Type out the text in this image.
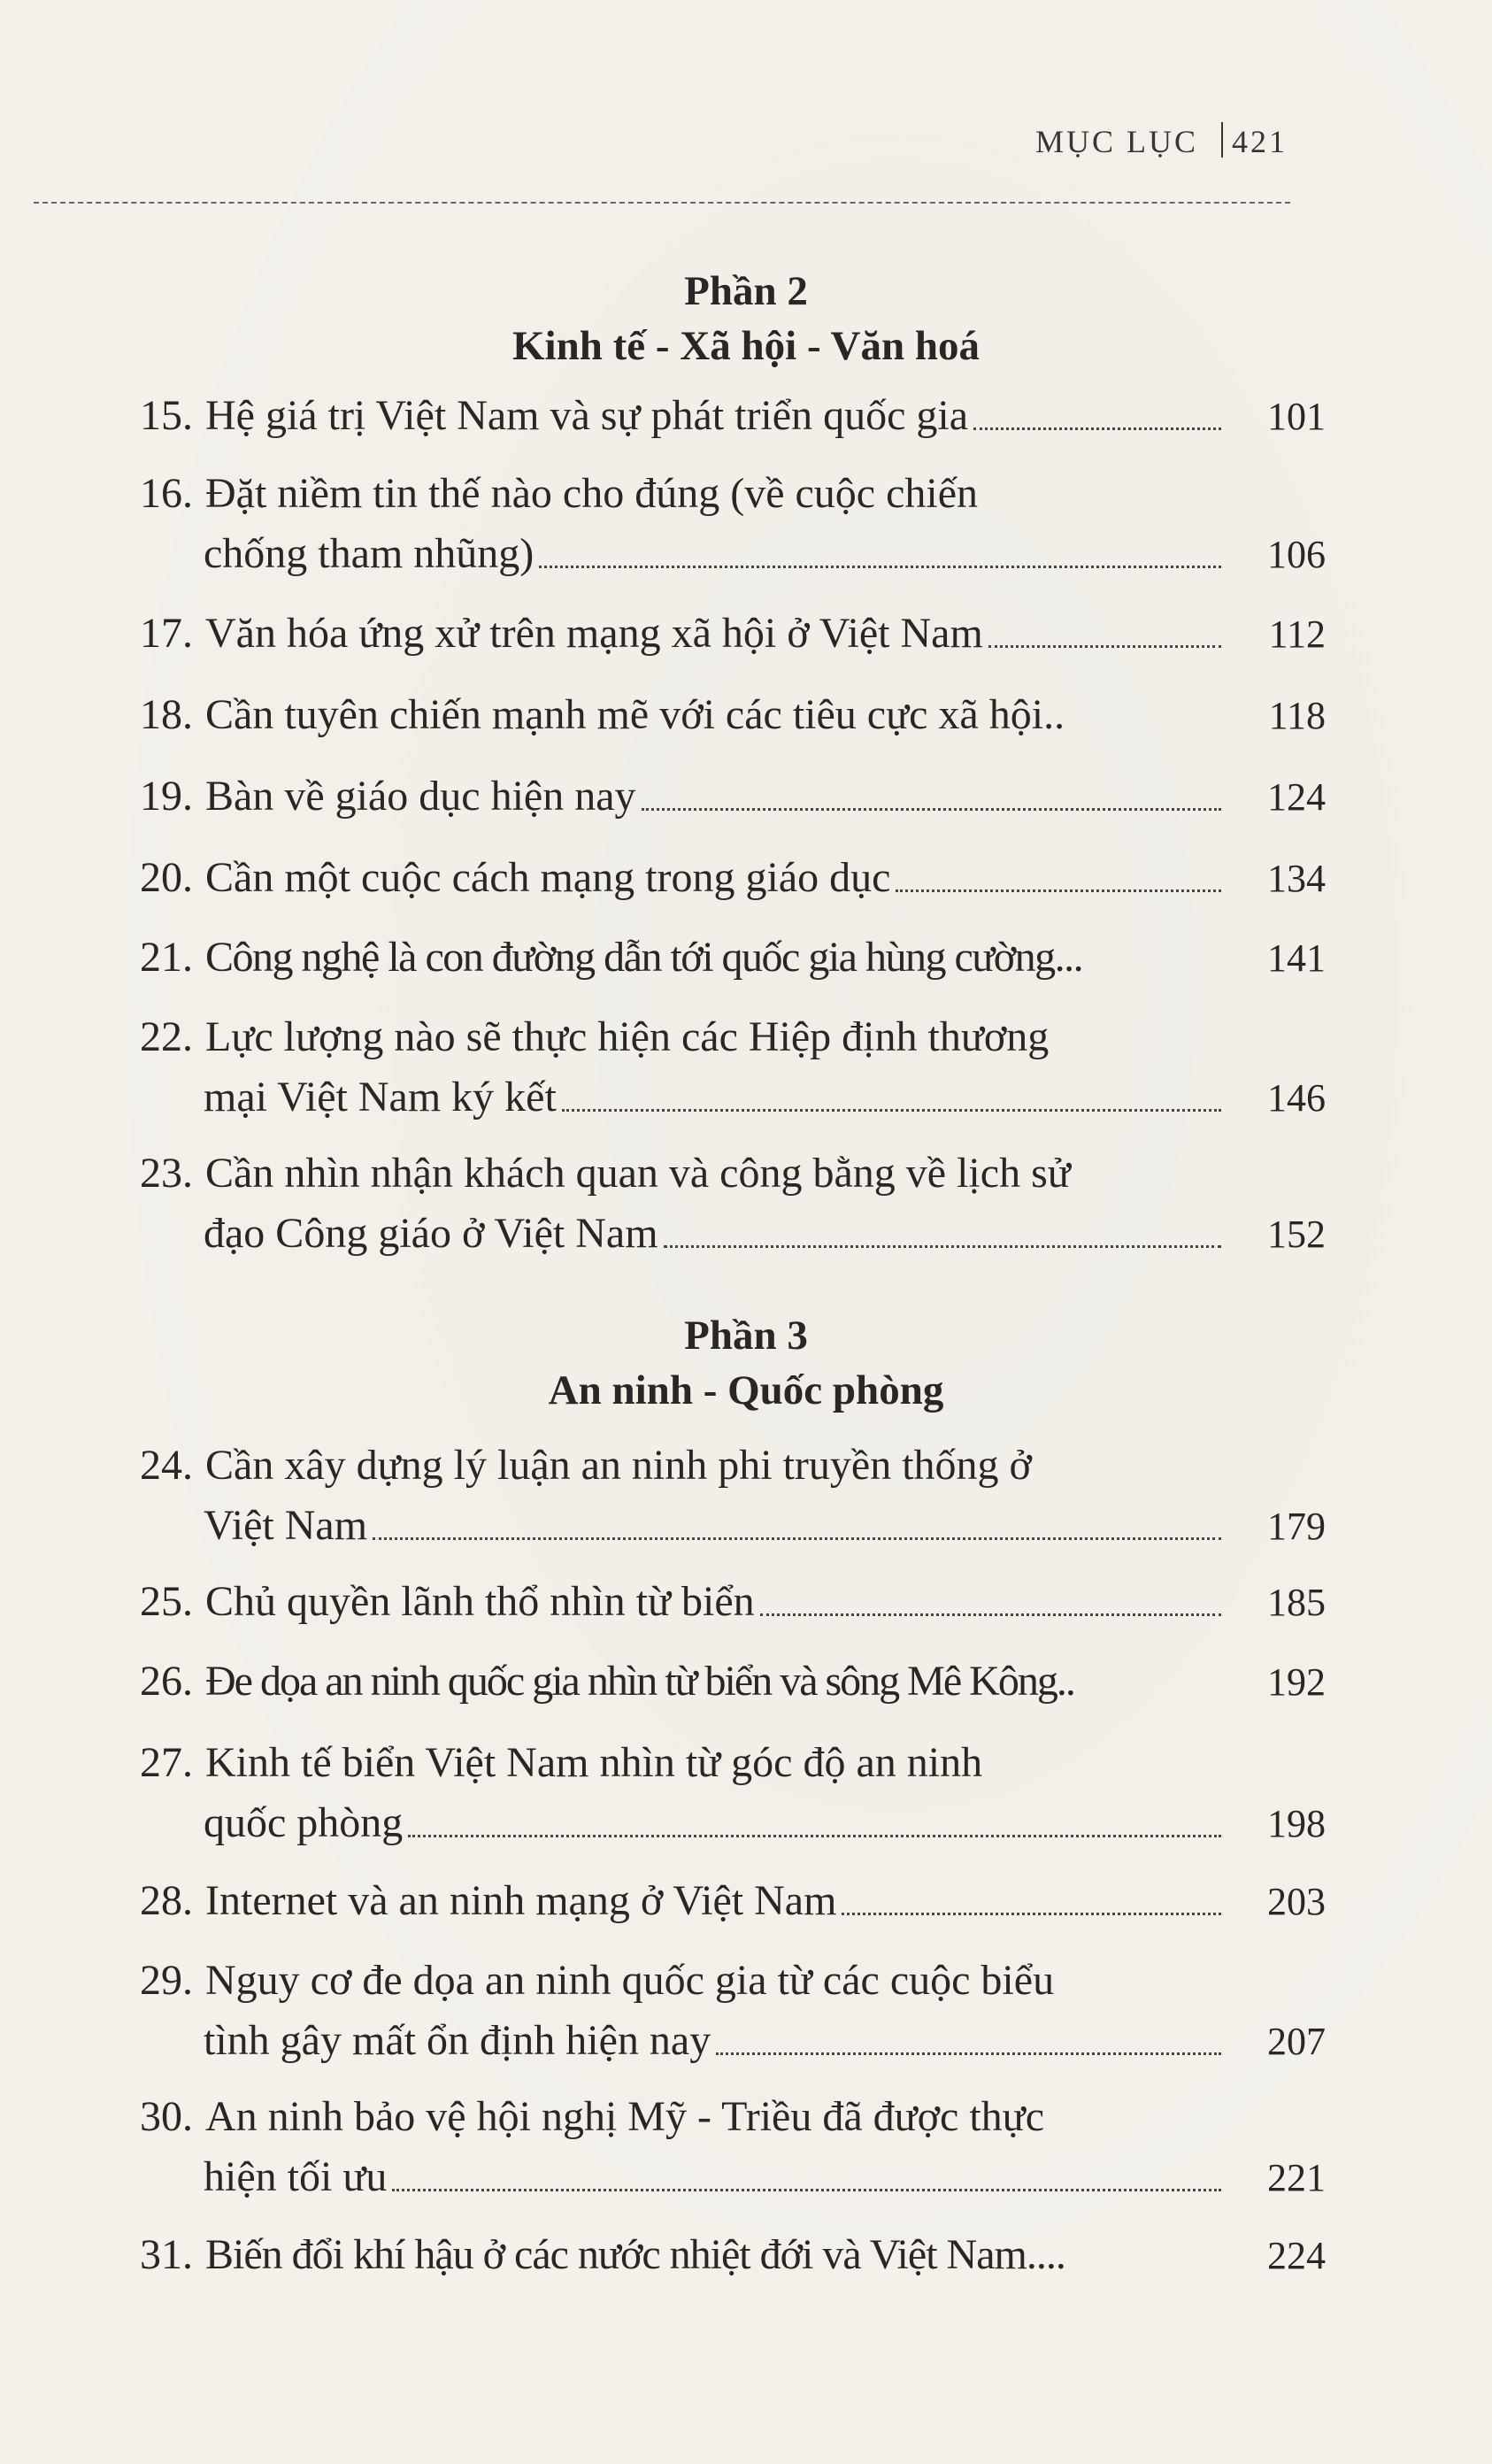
MỤC LỤC 421
Phần 2
Kinh tế - Xã hội - Văn hoá
15. Hệ giá trị Việt Nam và sự phát triển quốc gia	101
16. Đặt niềm tin thế nào cho đúng (về cuộc chiến
chống tham nhũng)	106
17. Văn hóa ứng xử trên mạng xã hội ở Việt Nam	112
18. Cần tuyên chiến mạnh mẽ với các tiêu cực xã hội..	118
19. Bàn về giáo dục hiện nay	124
20. Cần một cuộc cách mạng trong giáo dục	134
21. Công nghệ là con đường dẫn tới quốc gia hùng cường...	141
22. Lực lượng nào sẽ thực hiện các Hiệp định thương
mại Việt Nam ký kết	146
23. Cần nhìn nhận khách quan và công bằng về lịch sử
đạo Công giáo ở Việt Nam	152
Phần 3
An ninh - Quốc phòng
24. Cần xây dựng lý luận an ninh phi truyền thống ở
Việt Nam	179
25. Chủ quyền lãnh thổ nhìn từ biển	185
26. Đe dọa an ninh quốc gia nhìn từ biển và sông Mê Kông..	192
27. Kinh tế biển Việt Nam nhìn từ góc độ an ninh
quốc phòng	198
28. Internet và an ninh mạng ở Việt Nam	203
29. Nguy cơ đe dọa an ninh quốc gia từ các cuộc biểu
tình gây mất ổn định hiện nay	207
30. An ninh bảo vệ hội nghị Mỹ - Triều đã được thực
hiện tối ưu	221
31. Biến đổi khí hậu ở các nước nhiệt đới và Việt Nam....	224
